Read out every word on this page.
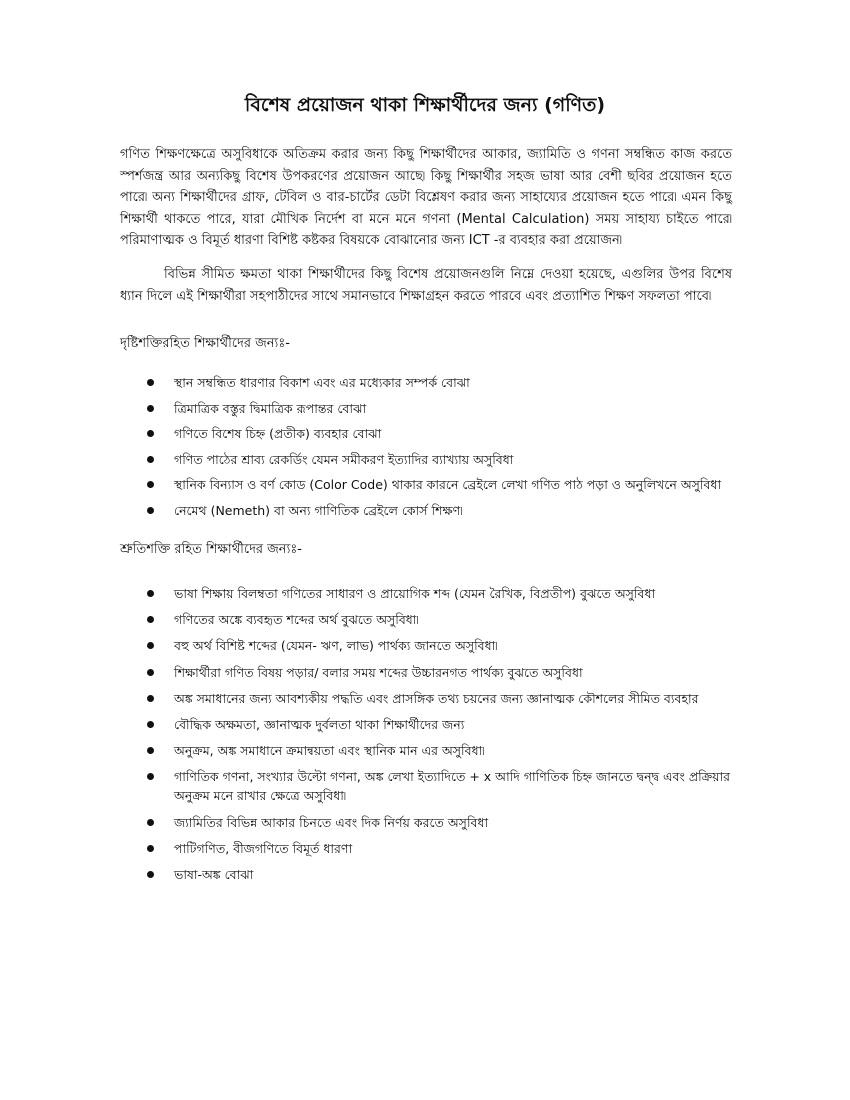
বিশেষ প্রয়োজন থাকা শিক্ষার্থীদের জন্য (গণিত)

গণিত শিক্ষণক্ষেত্রে অসুবিধাকে অতিক্রম করার জন্য কিছু শিক্ষার্থীদের আকার, জ্যামিতি ও গণনা সম্বন্ধিত কাজ করতে স্পর্শজন্ত্র আর অন্যকিছু বিশেষ উপকরণের প্রয়োজন আছে৷ কিছু শিক্ষার্থীর সহজ ভাষা আর বেশী ছবির প্রয়োজন হতে পারে৷ অন্য শিক্ষার্থীদের গ্রাফ, টেবিল ও বার-চার্টের ডেটা বিশ্লেষণ করার জন্য সাহায্যের প্রয়োজন হতে পারে৷ এমন কিছু শিক্ষার্থী থাকতে পারে, যারা মৌখিক নির্দেশ বা মনে মনে গণনা (Mental Calculation) সময় সাহায্য চাইতে পারে৷ পরিমাণাত্মক ও বিমূর্ত ধারণা বিশিষ্ট কষ্টকর বিষয়কে বোঝানোর জন্য ICT -র ব্যবহার করা প্রয়োজন৷

বিভিন্ন সীমিত ক্ষমতা থাকা শিক্ষার্থীদের কিছু বিশেষ প্রয়োজনগুলি নিম্নে দেওয়া হয়েছে, এগুলির উপর বিশেষ ধ্যান দিলে এই শিক্ষার্থীরা সহপাঠীদের সাথে সমানভাবে শিক্ষাগ্রহন করতে পারবে এবং প্রত্যাশিত শিক্ষণ সফলতা পাবে৷

দৃষ্টিশক্তিরহিত শিক্ষার্থীদের জন্যঃ-

স্থান সম্বন্ধিত ধারণার বিকাশ এবং এর মধ্যেকার সম্পর্ক বোঝা
ত্রিমাত্রিক বস্তুর দ্বিমাত্রিক রূপান্তর বোঝা
গণিতে বিশেষ চিহ্ন (প্রতীক) ব্যবহার বোঝা
গণিত পাঠের শ্রাব্য রেকর্ডিং যেমন সমীকরণ ইত্যাদির ব্যাখ্যায় অসুবিধা
স্থানিক বিন্যাস ও বর্ণ কোড (Color Code) থাকার কারনে ব্রেইলে লেখা গণিত পাঠ পড়া ও অনুলিখনে অসুবিধা
নেমেথ (Nemeth) বা অন্য গাণিতিক ব্রেইলে কোর্স শিক্ষণ৷

শ্রুতিশক্তি রহিত শিক্ষার্থীদের জন্যঃ-

ভাষা শিক্ষায় বিলম্বতা গণিতের সাধারণ ও প্রায়োগিক শব্দ (যেমন রৈখিক, বিপ্রতীপ) বুঝতে অসুবিধা
গণিতের অঙ্কে ব্যবহৃত শব্দের অর্থ বুঝতে অসুবিধা৷
বহু অর্থ বিশিষ্ট শব্দের (যেমন- ঋণ, লাভ) পার্থক্য জানতে অসুবিধা৷
শিক্ষার্থীরা গণিত বিষয় পড়ার/ বলার সময় শব্দের উচ্চারনগত পার্থক্য বুঝতে অসুবিধা
অঙ্ক সমাধানের জন্য আবশ্যকীয় পদ্ধতি এবং প্রাসঙ্গিক তথ্য চয়নের জন্য জ্ঞানাত্মক কৌশলের সীমিত ব্যবহার
বৌদ্ধিক অক্ষমতা, জ্ঞানাত্মক দুর্বলতা থাকা শিক্ষার্থীদের জন্য
অনুক্রম, অঙ্ক সমাধানে ক্রমান্বয়তা এবং স্থানিক মান এর অসুবিধা৷
গাণিতিক গণনা, সংখ্যার উল্টো গণনা, অঙ্ক লেখা ইত্যাদিতে + x আদি গাণিতিক চিহ্ন জানতে দ্বন্দ্ব এবং প্রক্রিয়ার অনুক্রম মনে রাখার ক্ষেত্রে অসুবিধা৷
জ্যামিতির বিভিন্ন আকার চিনতে এবং দিক নির্ণয় করতে অসুবিধা
পাটিগণিত, বীজগণিতে বিমূর্ত ধারণা
ভাষা-অঙ্ক বোঝা
